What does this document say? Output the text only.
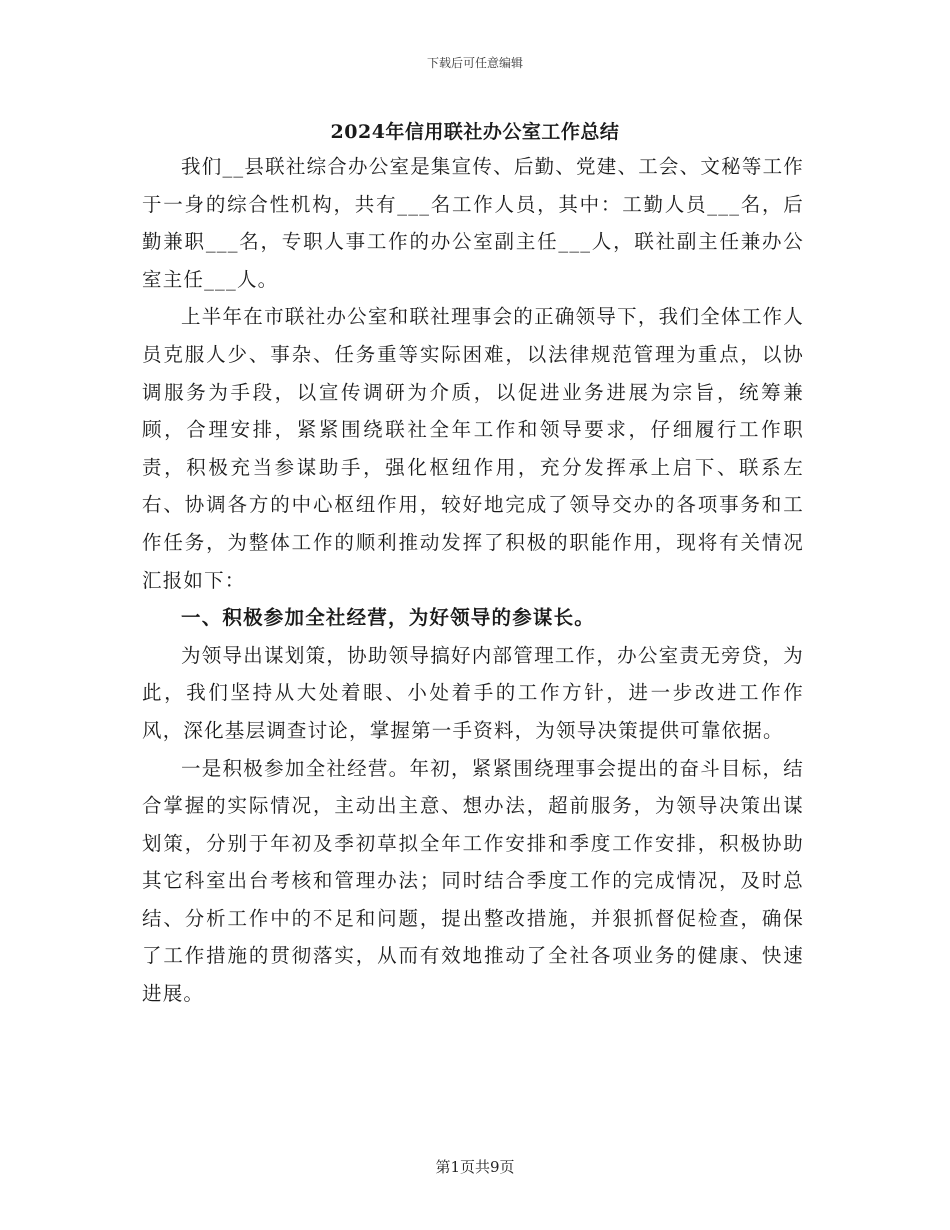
下载后可任意编辑
2024年信用联社办公室工作总结

我们__县联社综合办公室是集宣传、后勤、党建、工会、文秘等工作于一身的综合性机构，共有___名工作人员，其中：工勤人员___名，后勤兼职___名，专职人事工作的办公室副主任___人，联社副主任兼办公室主任___人。

上半年在市联社办公室和联社理事会的正确领导下，我们全体工作人员克服人少、事杂、任务重等实际困难，以法律规范管理为重点，以协调服务为手段，以宣传调研为介质，以促进业务进展为宗旨，统筹兼顾，合理安排，紧紧围绕联社全年工作和领导要求，仔细履行工作职责，积极充当参谋助手，强化枢纽作用，充分发挥承上启下、联系左右、协调各方的中心枢纽作用，较好地完成了领导交办的各项事务和工作任务，为整体工作的顺利推动发挥了积极的职能作用，现将有关情况汇报如下：

一、积极参加全社经营，为好领导的参谋长。

为领导出谋划策，协助领导搞好内部管理工作，办公室责无旁贷，为此，我们坚持从大处着眼、小处着手的工作方针，进一步改进工作作风，深化基层调查讨论，掌握第一手资料，为领导决策提供可靠依据。

一是积极参加全社经营。年初，紧紧围绕理事会提出的奋斗目标，结合掌握的实际情况，主动出主意、想办法，超前服务，为领导决策出谋划策，分别于年初及季初草拟全年工作安排和季度工作安排，积极协助其它科室出台考核和管理办法；同时结合季度工作的完成情况，及时总结、分析工作中的不足和问题，提出整改措施，并狠抓督促检查，确保了工作措施的贯彻落实，从而有效地推动了全社各项业务的健康、快速进展。

第1页共9页
